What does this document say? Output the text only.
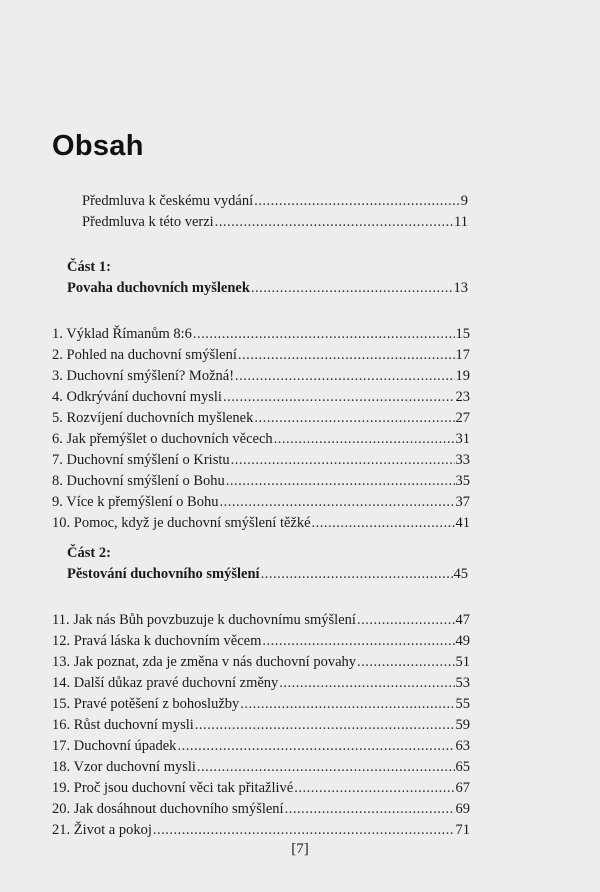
Obsah
Předmluva k českému vydání .....	9
Předmluva k této verzi .....	11
Část 1:
Povaha duchovních myšlenek .....	13
1. Výklad Římanům 8:6 .....	15
2. Pohled na duchovní smýšlení .....	17
3. Duchovní smýšlení? Možná! .....	19
4. Odkrývání duchovní mysli .....	23
5. Rozvíjení duchovních myšlenek .....	27
6. Jak přemýšlet o duchovních věcech .....	31
7. Duchovní smýšlení o Kristu .....	33
8. Duchovní smýšlení o Bohu .....	35
9. Více k přemýšlení o Bohu .....	37
10. Pomoc, když je duchovní smýšlení těžké .....	41
Část 2:
Pěstování duchovního smýšlení .....	45
11. Jak nás Bůh povzbuzuje k duchovnímu smýšlení .....	47
12. Pravá láska k duchovním věcem .....	49
13. Jak poznat, zda je změna v nás duchovní povahy .....	51
14. Další důkaz pravé duchovní změny .....	53
15. Pravé potěšení z bohoslužby .....	55
16. Růst duchovní mysli .....	59
17. Duchovní úpadek .....	63
18. Vzor duchovní mysli .....	65
19. Proč jsou duchovní věci tak přitažlivé .....	67
20. Jak dosáhnout duchovního smýšlení .....	69
21. Život a pokoj .....	71
[7]
